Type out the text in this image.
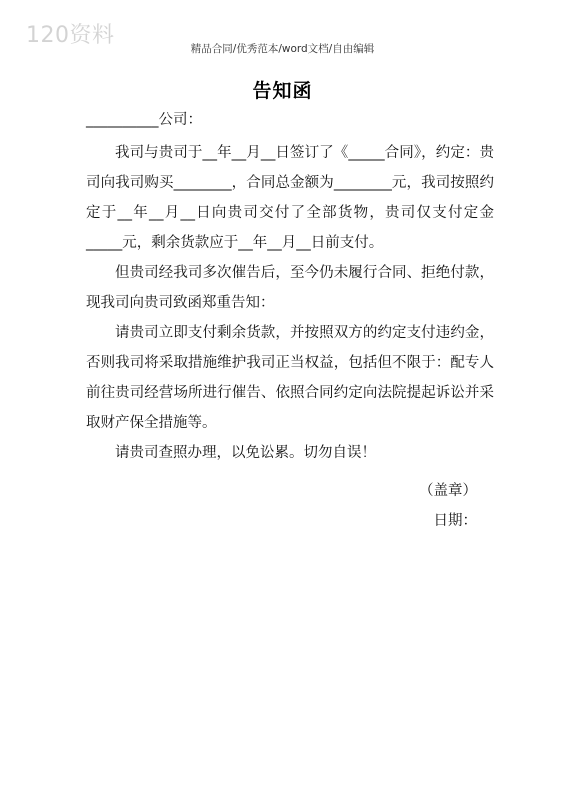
120资料
精品合同/优秀范本/word文档/自由编辑
告知函
__________公司：

我司与贵司于__年__月__日签订了《_____合同》，约定：贵司向我司购买________，合同总金额为________元，我司按照约定于__年__月__日向贵司交付了全部货物，贵司仅支付定金_____元，剩余货款应于__年__月__日前支付。

但贵司经我司多次催告后，至今仍未履行合同、拒绝付款，现我司向贵司致函郑重告知：

请贵司立即支付剩余货款，并按照双方的约定支付违约金，否则我司将采取措施维护我司正当权益，包括但不限于：配专人前往贵司经营场所进行催告、依照合同约定向法院提起诉讼并采取财产保全措施等。

请贵司查照办理，以免讼累。切勿自误！

（盖章）
日期：
